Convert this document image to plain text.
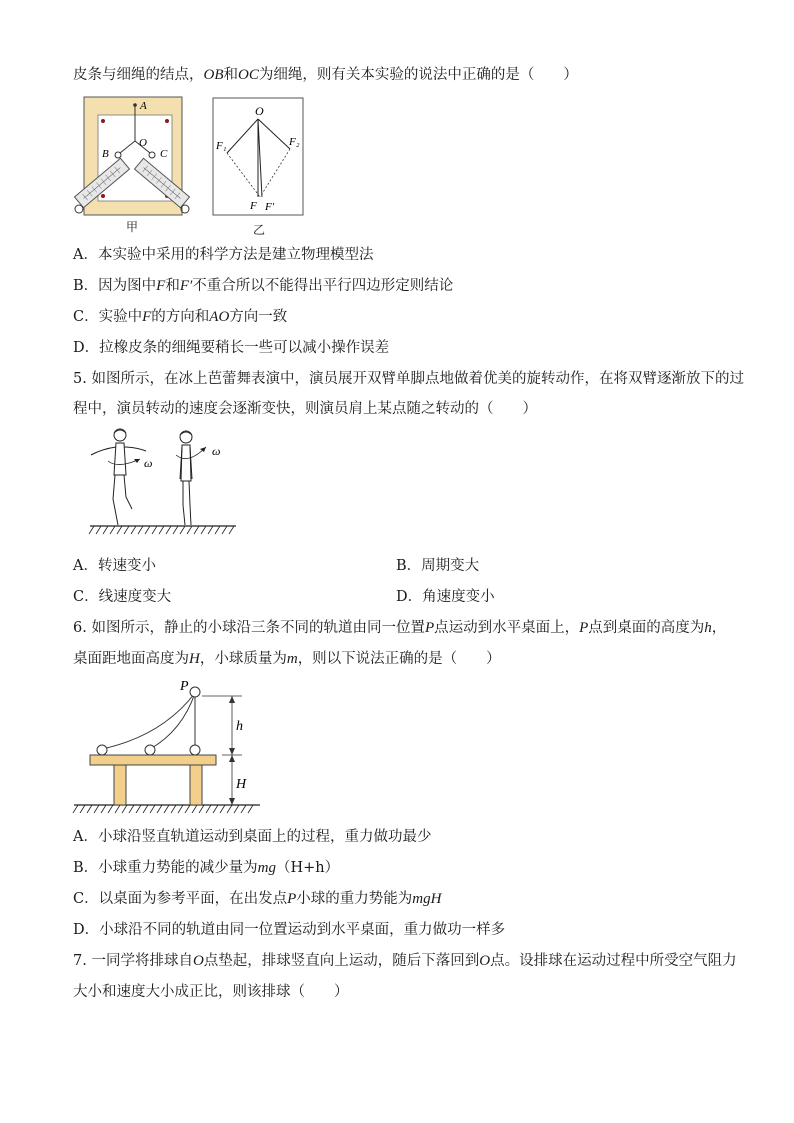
皮条与细绳的结点，OB和OC为细绳，则有关本实验的说法中正确的是（　　）
A
B	C
O
甲
O
F₁	F₂
F F′
乙
A．本实验中采用的科学方法是建立物理模型法
B．因为图中F和F′不重合所以不能得出平行四边形定则结论
C．实验中F的方向和AO方向一致
D．拉橡皮条的细绳要稍长一些可以减小操作误差
5. 如图所示，在冰上芭蕾舞表演中，演员展开双臂单脚点地做着优美的旋转动作，在将双臂逐渐放下的过
程中，演员转动的速度会逐渐变快，则演员肩上某点随之转动的（　　）
ω
ω
A．转速变小	B．周期变大
C．线速度变大	D．角速度变小
6. 如图所示，静止的小球沿三条不同的轨道由同一位置P点运动到水平桌面上，P点到桌面的高度为h，
桌面距地面高度为H，小球质量为m，则以下说法正确的是（　　）
P
h
H
A．小球沿竖直轨道运动到桌面上的过程，重力做功最少
B．小球重力势能的减少量为mg（H+h）
C．以桌面为参考平面，在出发点P小球的重力势能为mgH
D．小球沿不同的轨道由同一位置运动到水平桌面，重力做功一样多
7. 一同学将排球自O点垫起，排球竖直向上运动，随后下落回到O点。设排球在运动过程中所受空气阻力
大小和速度大小成正比，则该排球（　　）
